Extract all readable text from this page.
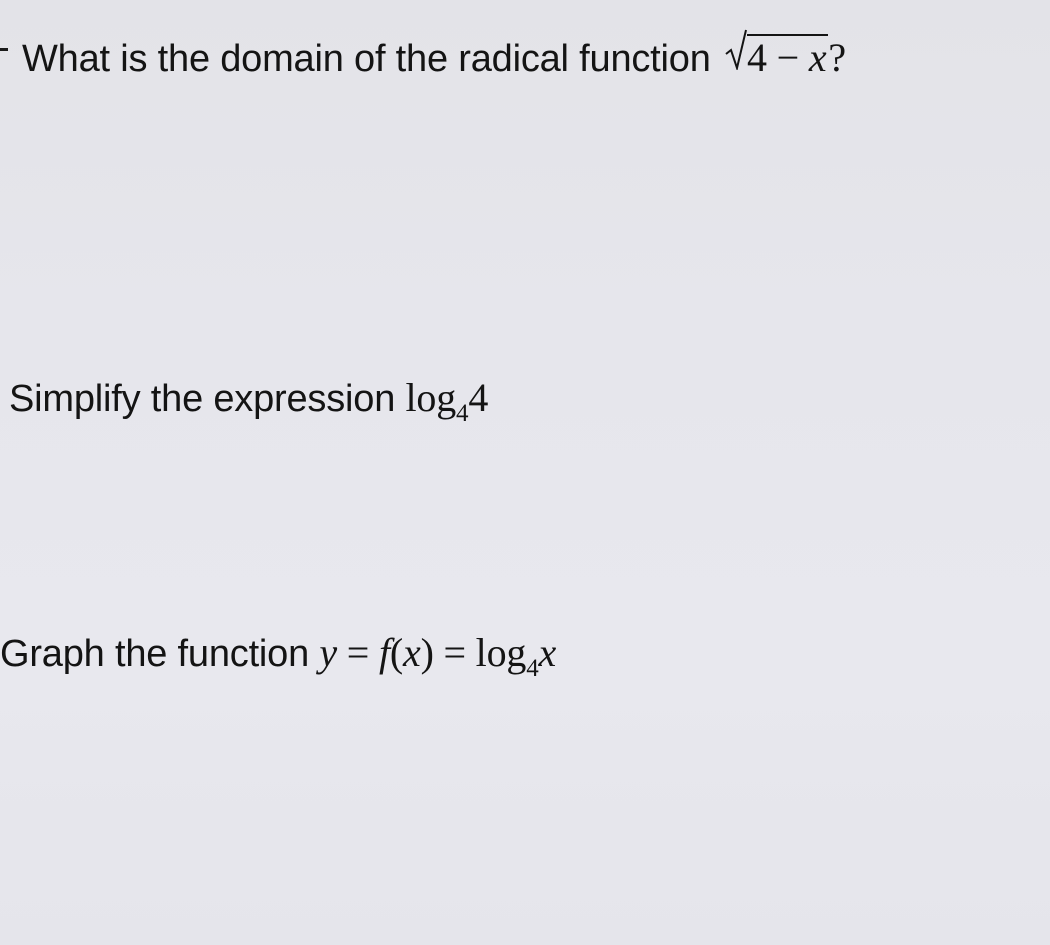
What is the domain of the radical function 4 − x?
Simplify the expression $\log_44$
Graph the function $y = f(x) = \log_4x$
